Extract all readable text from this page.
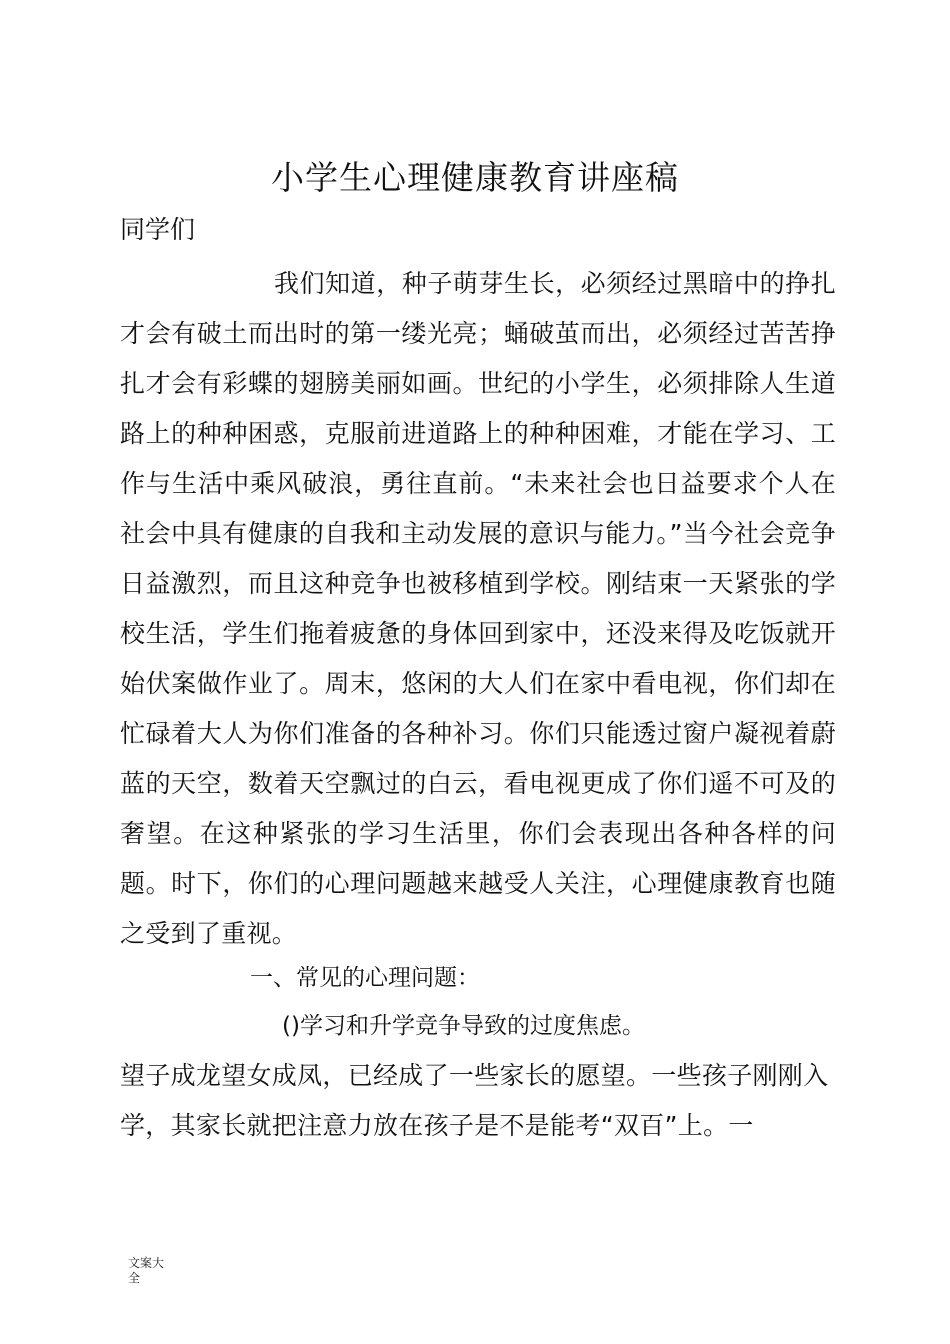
小学生心理健康教育讲座稿

同学们

我们知道，种子萌芽生长，必须经过黑暗中的挣扎才会有破土而出时的第一缕光亮；蛹破茧而出，必须经过苦苦挣扎才会有彩蝶的翅膀美丽如画。世纪的小学生，必须排除人生道路上的种种困惑，克服前进道路上的种种困难，才能在学习、工作与生活中乘风破浪，勇往直前。“未来社会也日益要求个人在社会中具有健康的自我和主动发展的意识与能力。”当今社会竞争日益激烈，而且这种竞争也被移植到学校。刚结束一天紧张的学校生活，学生们拖着疲惫的身体回到家中，还没来得及吃饭就开始伏案做作业了。周末，悠闲的大人们在家中看电视，你们却在忙碌着大人为你们准备的各种补习。你们只能透过窗户凝视着蔚蓝的天空，数着天空飘过的白云，看电视更成了你们遥不可及的奢望。在这种紧张的学习生活里，你们会表现出各种各样的问题。时下，你们的心理问题越来越受人关注，心理健康教育也随之受到了重视。

一、常见的心理问题：
()学习和升学竞争导致的过度焦虑。

望子成龙望女成凤，已经成了一些家长的愿望。一些孩子刚刚入学，其家长就把注意力放在孩子是不是能考“双百”上。一

文案大全
